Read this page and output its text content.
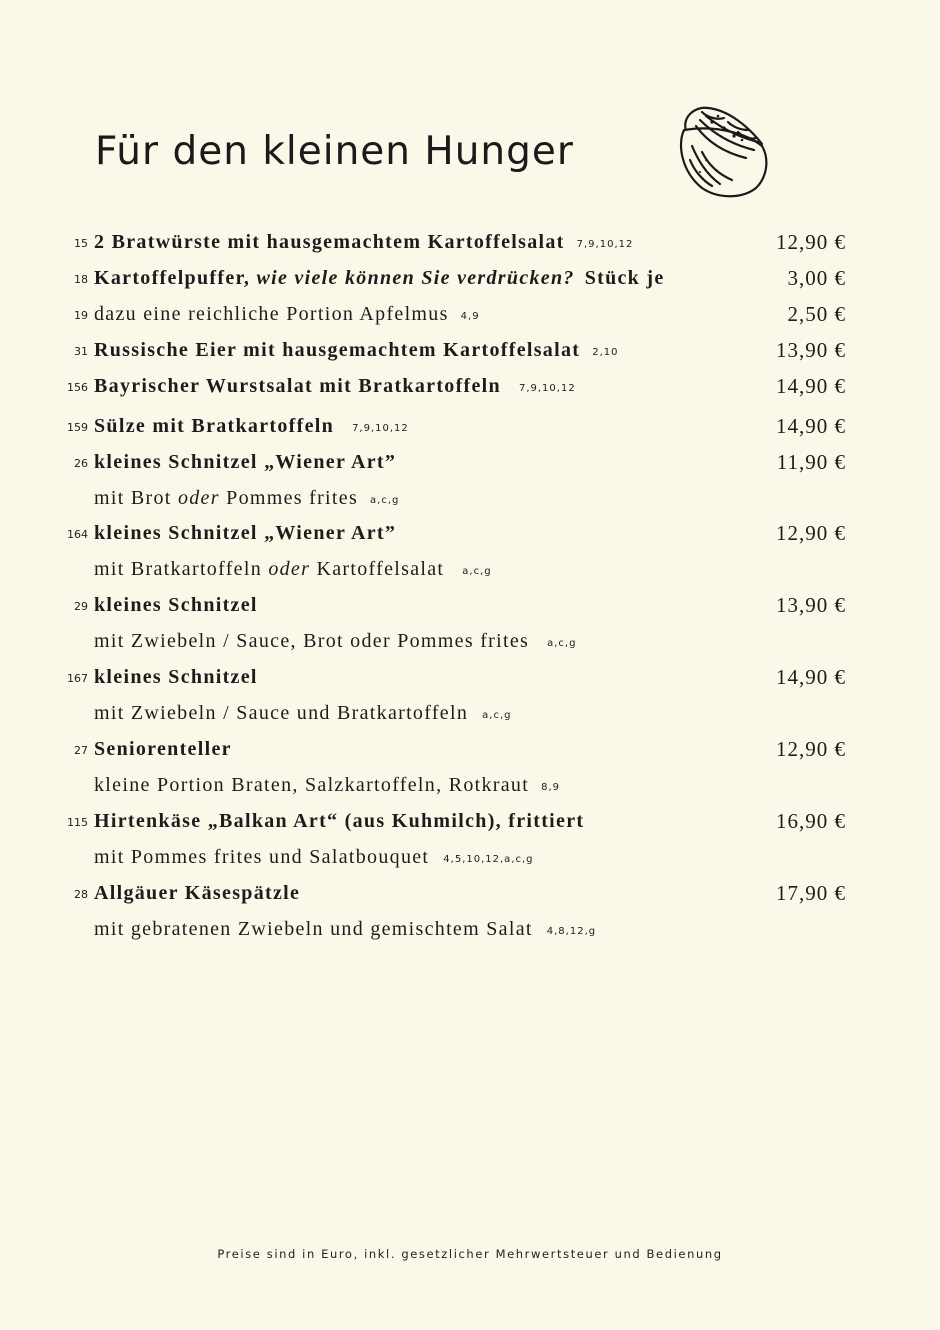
Für den kleinen Hunger
15 2 Bratwürste mit hausgemachtem Kartoffelsalat 7,9,10,12	12,90 €
18 Kartoffelpuffer, wie viele können Sie verdrücken? Stück je	3,00 €
19 dazu eine reichliche Portion Apfelmus 4,9	2,50 €
31 Russische Eier mit hausgemachtem Kartoffelsalat 2,10	13,90 €
156 Bayrischer Wurstsalat mit Bratkartoffeln 7,9,10,12	14,90 €
159 Sülze mit Bratkartoffeln 7,9,10,12	14,90 €
26 kleines Schnitzel „Wiener Art”	11,90 €
mit Brot oder Pommes frites a,c,g
164 kleines Schnitzel „Wiener Art”	12,90 €
mit Bratkartoffeln oder Kartoffelsalat a,c,g
29 kleines Schnitzel	13,90 €
mit Zwiebeln / Sauce, Brot oder Pommes frites a,c,g
167 kleines Schnitzel	14,90 €
mit Zwiebeln / Sauce und Bratkartoffeln a,c,g
27 Seniorenteller	12,90 €
kleine Portion Braten, Salzkartoffeln, Rotkraut 8,9
115 Hirtenkäse „Balkan Art“ (aus Kuhmilch), frittiert	16,90 €
mit Pommes frites und Salatbouquet 4,5,10,12,a,c,g
28 Allgäuer Käsespätzle	17,90 €
mit gebratenen Zwiebeln und gemischtem Salat 4,8,12,g
Preise sind in Euro, inkl. gesetzlicher Mehrwertsteuer und Bedienung
